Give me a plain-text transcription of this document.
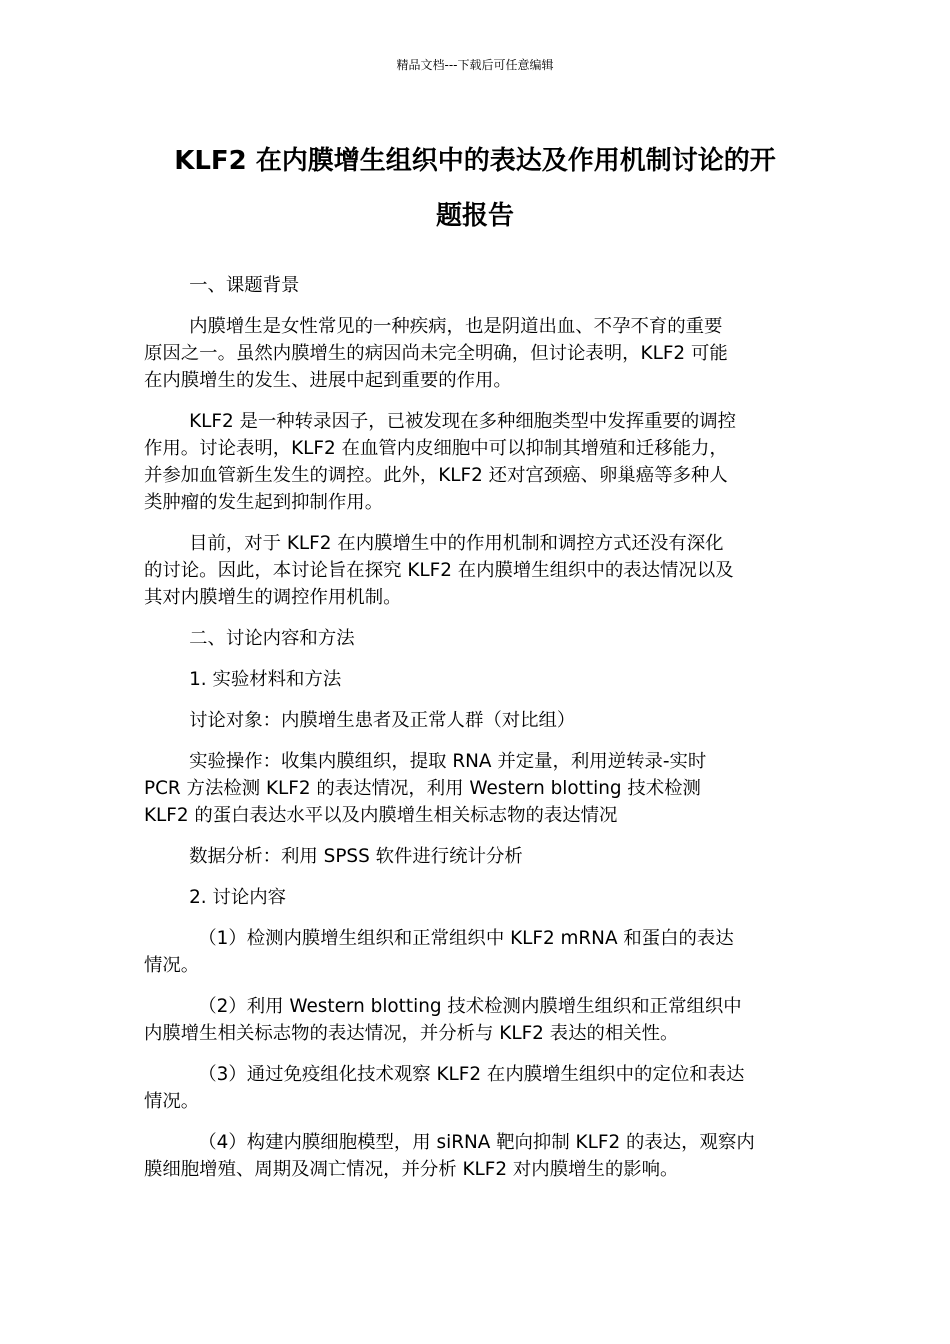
精品文档---下载后可任意编辑
KLF2 在内膜增生组织中的表达及作用机制讨论的开
题报告

一、课题背景

内膜增生是女性常见的一种疾病，也是阴道出血、不孕不育的重要
原因之一。虽然内膜增生的病因尚未完全明确，但讨论表明，KLF2 可能
在内膜增生的发生、进展中起到重要的作用。

KLF2 是一种转录因子，已被发现在多种细胞类型中发挥重要的调控
作用。讨论表明，KLF2 在血管内皮细胞中可以抑制其增殖和迁移能力，
并参加血管新生发生的调控。此外，KLF2 还对宫颈癌、卵巢癌等多种人
类肿瘤的发生起到抑制作用。

目前，对于 KLF2 在内膜增生中的作用机制和调控方式还没有深化
的讨论。因此，本讨论旨在探究 KLF2 在内膜增生组织中的表达情况以及
其对内膜增生的调控作用机制。

二、讨论内容和方法

1. 实验材料和方法

讨论对象：内膜增生患者及正常人群（对比组）

实验操作：收集内膜组织，提取 RNA 并定量，利用逆转录-实时
PCR 方法检测 KLF2 的表达情况，利用 Western blotting 技术检测
KLF2 的蛋白表达水平以及内膜增生相关标志物的表达情况

数据分析：利用 SPSS 软件进行统计分析

2. 讨论内容

（1）检测内膜增生组织和正常组织中 KLF2 mRNA 和蛋白的表达
情况。

（2）利用 Western blotting 技术检测内膜增生组织和正常组织中
内膜增生相关标志物的表达情况，并分析与 KLF2 表达的相关性。

（3）通过免疫组化技术观察 KLF2 在内膜增生组织中的定位和表达
情况。

（4）构建内膜细胞模型，用 siRNA 靶向抑制 KLF2 的表达，观察内
膜细胞增殖、周期及凋亡情况，并分析 KLF2 对内膜增生的影响。
